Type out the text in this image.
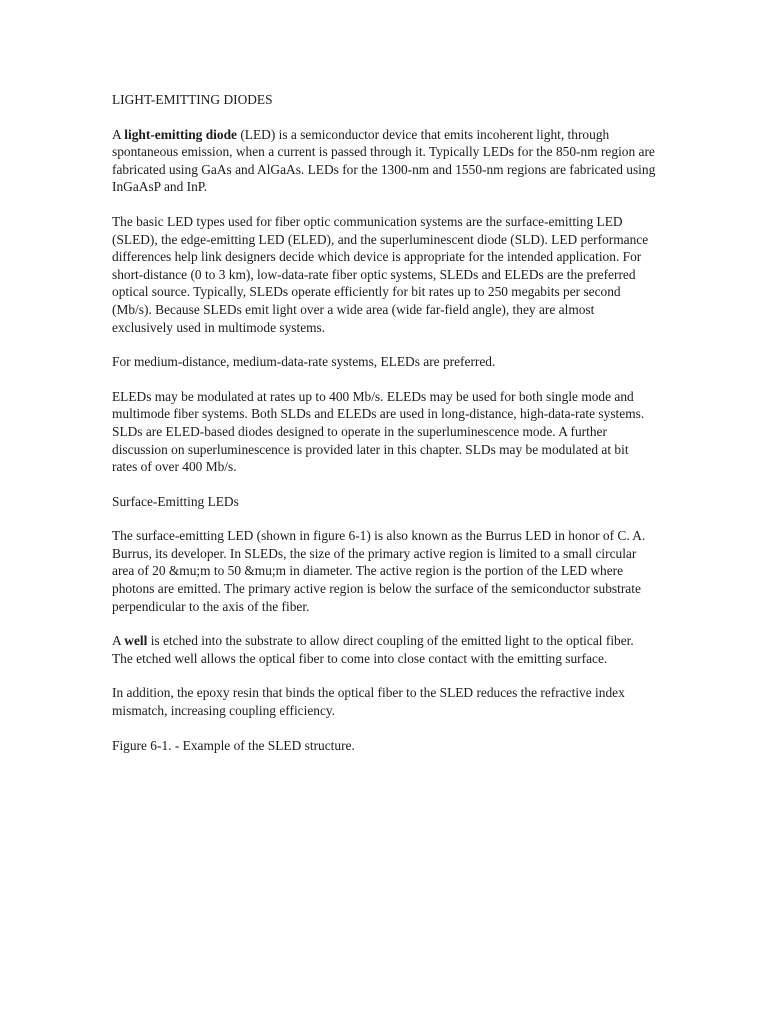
LIGHT-EMITTING DIODES

A light-emitting diode (LED) is a semiconductor device that emits incoherent light, through spontaneous emission, when a current is passed through it. Typically LEDs for the 850-nm region are fabricated using GaAs and AlGaAs. LEDs for the 1300-nm and 1550-nm regions are fabricated using InGaAsP and InP.

The basic LED types used for fiber optic communication systems are the surface-emitting LED (SLED), the edge-emitting LED (ELED), and the superluminescent diode (SLD). LED performance differences help link designers decide which device is appropriate for the intended application. For short-distance (0 to 3 km), low-data-rate fiber optic systems, SLEDs and ELEDs are the preferred optical source. Typically, SLEDs operate efficiently for bit rates up to 250 megabits per second (Mb/s). Because SLEDs emit light over a wide area (wide far-field angle), they are almost exclusively used in multimode systems.

For medium-distance, medium-data-rate systems, ELEDs are preferred.

ELEDs may be modulated at rates up to 400 Mb/s. ELEDs may be used for both single mode and multimode fiber systems. Both SLDs and ELEDs are used in long-distance, high-data-rate systems. SLDs are ELED-based diodes designed to operate in the superluminescence mode. A further discussion on superluminescence is provided later in this chapter. SLDs may be modulated at bit rates of over 400 Mb/s.

Surface-Emitting LEDs

The surface-emitting LED (shown in figure 6-1) is also known as the Burrus LED in honor of C. A. Burrus, its developer. In SLEDs, the size of the primary active region is limited to a small circular area of 20 &mu;m to 50 &mu;m in diameter. The active region is the portion of the LED where photons are emitted. The primary active region is below the surface of the semiconductor substrate perpendicular to the axis of the fiber.

A well is etched into the substrate to allow direct coupling of the emitted light to the optical fiber. The etched well allows the optical fiber to come into close contact with the emitting surface.

In addition, the epoxy resin that binds the optical fiber to the SLED reduces the refractive index mismatch, increasing coupling efficiency.

Figure 6-1. - Example of the SLED structure.
